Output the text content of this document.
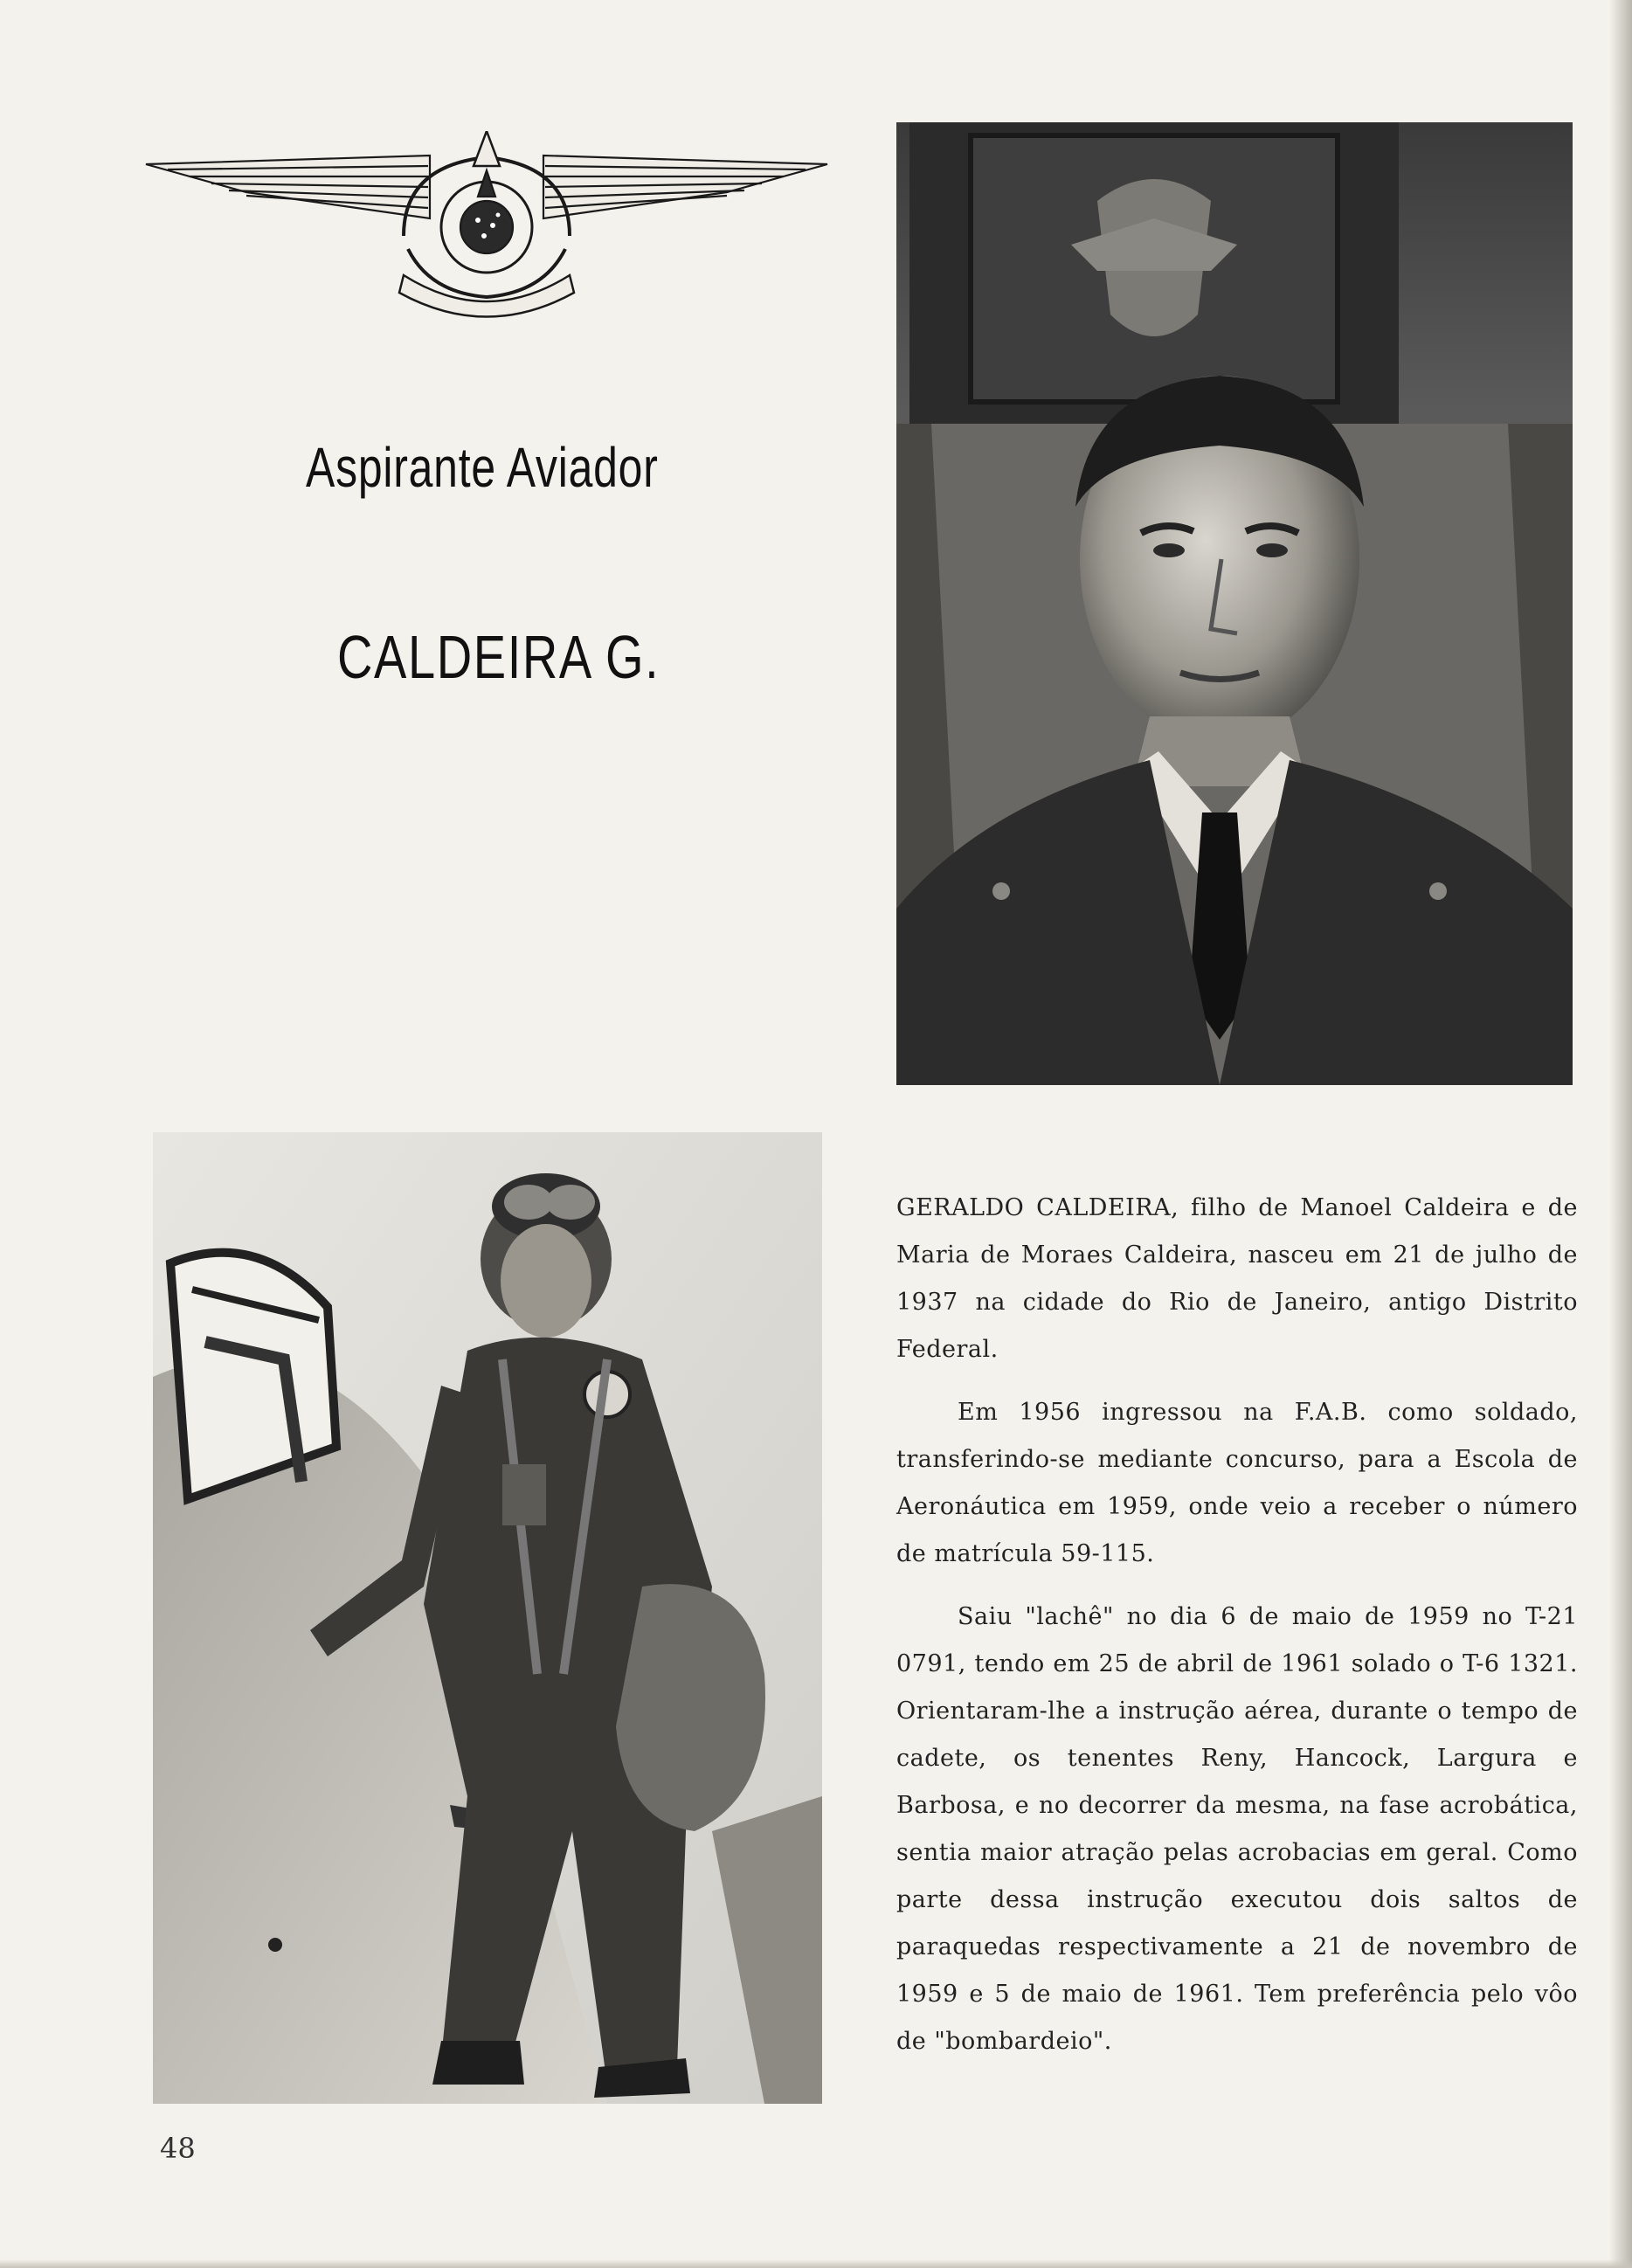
Aspirante Aviador
CALDEIRA G.

GERALDO CALDEIRA, filho de Manoel Caldeira e de Maria de Moraes Caldeira, nasceu em 21 de julho de 1937 na cidade do Rio de Janeiro, antigo Distrito Federal.

Em 1956 ingressou na F.A.B. como soldado, transferindo-se mediante concurso, para a Escola de Aeronáutica em 1959, onde veio a receber o número de matrícula 59-115.

Saiu "lachê" no dia 6 de maio de 1959 no T-21 0791, tendo em 25 de abril de 1961 solado o T-6 1321. Orientaram-lhe a instrução aérea, durante o tempo de cadete, os tenentes Reny, Hancock, Largura e Barbosa, e no decorrer da mesma, na fase acrobática, sentia maior atração pelas acrobacias em geral. Como parte dessa instrução executou dois saltos de paraquedas respectivamente a 21 de novembro de 1959 e 5 de maio de 1961. Tem preferência pelo vôo de "bombardeio".

48
